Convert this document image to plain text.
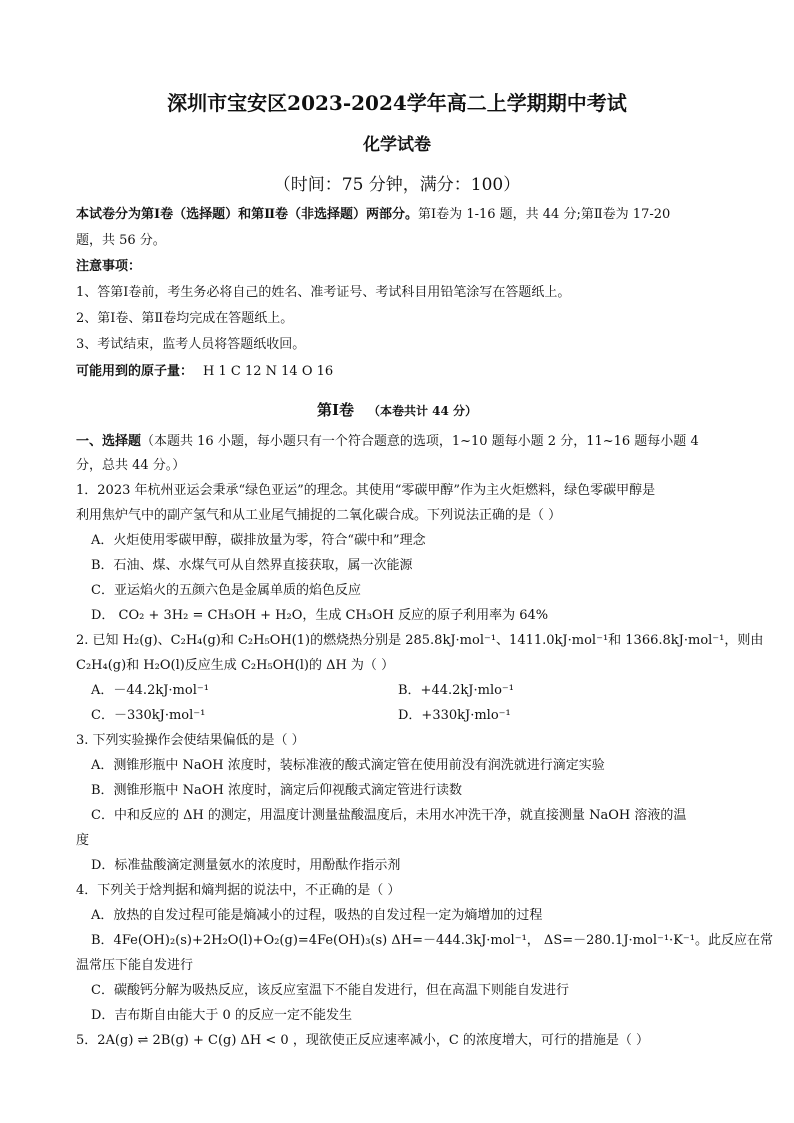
深圳市宝安区2023-2024学年高二上学期期中考试
化学试卷
（时间：75 分钟，满分：100）
本试卷分为第Ⅰ卷（选择题）和第Ⅱ卷（非选择题）两部分。第Ⅰ卷为 1-16 题，共 44 分;第Ⅱ卷为 17-20
题，共 56 分。
注意事项：
1、答第Ⅰ卷前，考生务必将自己的姓名、准考证号、考试科目用铅笔涂写在答题纸上。
2、第Ⅰ卷、第Ⅱ卷均完成在答题纸上。
3、考试结束，监考人员将答题纸收回。
可能用到的原子量： H 1 C 12 N 14 O 16
第Ⅰ卷 （本卷共计 44 分）
一、选择题（本题共 16 小题，每小题只有一个符合题意的选项，1~10 题每小题 2 分，11~16 题每小题 4
分，总共 44 分。）
1．2023 年杭州亚运会秉承“绿色亚运”的理念。其使用“零碳甲醇”作为主火炬燃料，绿色零碳甲醇是
利用焦炉气中的副产氢气和从工业尾气捕捉的二氧化碳合成。下列说法正确的是（ ）
A．火炬使用零碳甲醇，碳排放量为零，符合“碳中和”理念
B．石油、煤、水煤气可从自然界直接获取，属一次能源
C．亚运焰火的五颜六色是金属单质的焰色反应
D． CO₂ + 3H₂ = CH₃OH + H₂O，生成 CH₃OH 反应的原子利用率为 64%
2. 已知 H₂(g)、C₂H₄(g)和 C₂H₅OH(1)的燃烧热分别是 285.8kJ·mol⁻¹、1411.0kJ·mol⁻¹和 1366.8kJ·mol⁻¹，则由
C₂H₄(g)和 H₂O(l)反应生成 C₂H₅OH(l)的 ΔH 为（ ）
A．－44.2kJ·mol⁻¹	B．+44.2kJ·mlo⁻¹
C．－330kJ·mol⁻¹	D．+330kJ·mlo⁻¹
3. 下列实验操作会使结果偏低的是（ ）
A．测锥形瓶中 NaOH 浓度时，装标准液的酸式滴定管在使用前没有润洗就进行滴定实验
B．测锥形瓶中 NaOH 浓度时，滴定后仰视酸式滴定管进行读数
C．中和反应的 ΔH 的测定，用温度计测量盐酸温度后，未用水冲洗干净，就直接测量 NaOH 溶液的温
度
D．标准盐酸滴定测量氨水的浓度时，用酚酞作指示剂
4．下列关于焓判据和熵判据的说法中，不正确的是（ ）
A．放热的自发过程可能是熵减小的过程，吸热的自发过程一定为熵增加的过程
B．4Fe(OH)₂(s)+2H₂O(l)+O₂(g)=4Fe(OH)₃(s) ΔH=－444.3kJ·mol⁻¹， ΔS=－280.1J·mol⁻¹·K⁻¹。此反应在常
温常压下能自发进行
C．碳酸钙分解为吸热反应，该反应室温下不能自发进行，但在高温下则能自发进行
D．吉布斯自由能大于 0 的反应一定不能发生
5．2A(g) ⇌ 2B(g) + C(g) ΔH < 0 ，现欲使正反应速率减小，C 的浓度增大，可行的措施是（ ）
